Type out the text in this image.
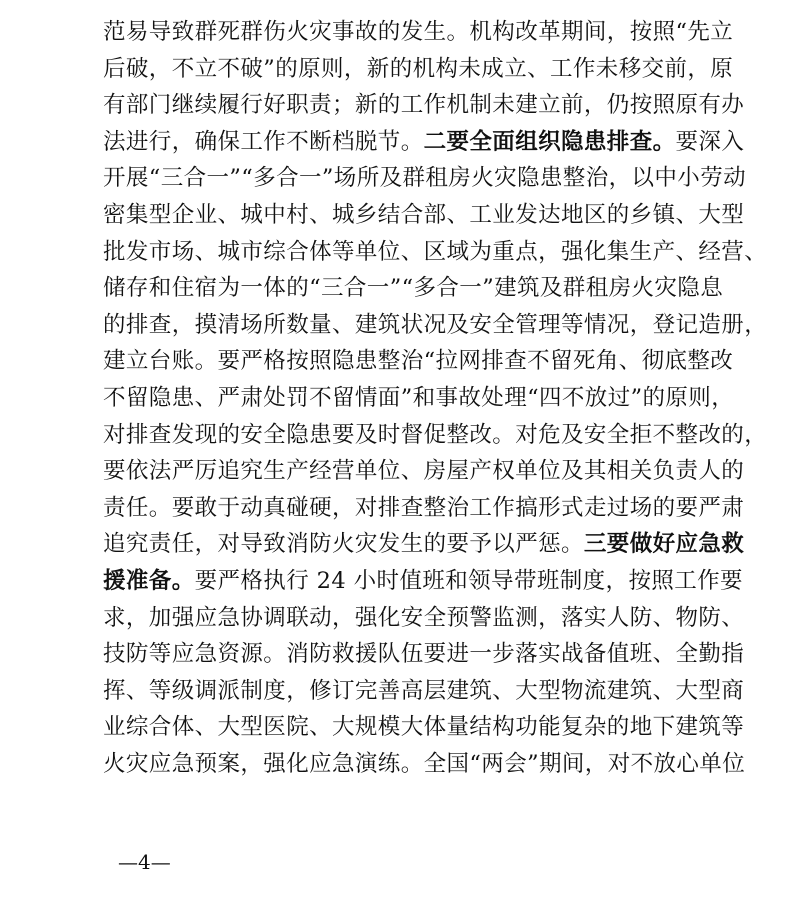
范易导致群死群伤火灾事故的发生。机构改革期间，按照“先立
后破，不立不破”的原则，新的机构未成立、工作未移交前，原
有部门继续履行好职责；新的工作机制未建立前，仍按照原有办
法进行，确保工作不断档脱节。二要全面组织隐患排查。要深入
开展“三合一”“多合一”场所及群租房火灾隐患整治，以中小劳动
密集型企业、城中村、城乡结合部、工业发达地区的乡镇、大型
批发市场、城市综合体等单位、区域为重点，强化集生产、经营、
储存和住宿为一体的“三合一”“多合一”建筑及群租房火灾隐息
的排查，摸清场所数量、建筑状况及安全管理等情况，登记造册，
建立台账。要严格按照隐患整治“拉网排查不留死角、彻底整改
不留隐患、严肃处罚不留情面”和事故处理“四不放过”的原则，
对排查发现的安全隐患要及时督促整改。对危及安全拒不整改的，
要依法严厉追究生产经营单位、房屋产权单位及其相关负责人的
责任。要敢于动真碰硬，对排查整治工作搞形式走过场的要严肃
追究责任，对导致消防火灾发生的要予以严惩。三要做好应急救
援准备。要严格执行 24 小时值班和领导带班制度，按照工作要
求，加强应急协调联动，强化安全预警监测，落实人防、物防、
技防等应急资源。消防救援队伍要进一步落实战备值班、全勤指
挥、等级调派制度，修订完善高层建筑、大型物流建筑、大型商
业综合体、大型医院、大规模大体量结构功能复杂的地下建筑等
火灾应急预案，强化应急演练。全国“两会”期间，对不放心单位
—4—
